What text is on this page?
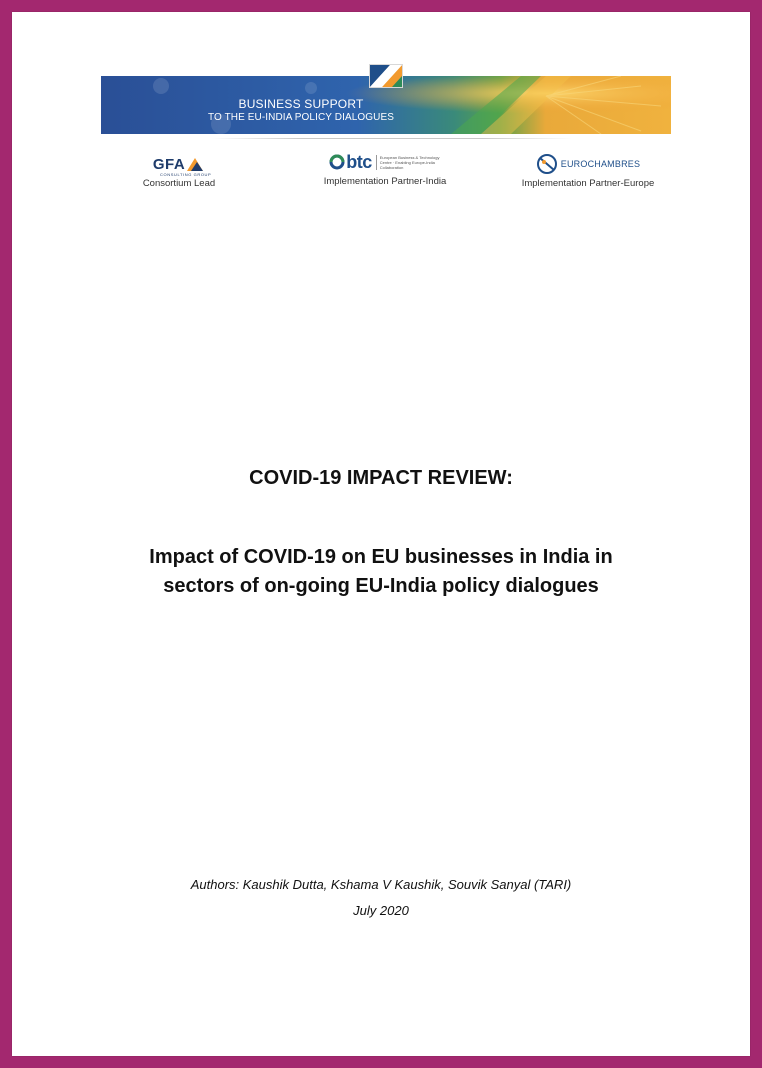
BUSINESS SUPPORT
TO THE EU-INDIA POLICY DIALOGUES
GFA
CONSULTING GROUP
Consortium Lead
btc	European Business & Technology Centre · Enabling Europe-India Collaboration
Implementation Partner-India
EUROCHAMBRES
Implementation Partner-Europe
COVID-19 IMPACT REVIEW:
Impact of COVID-19 on EU businesses in India in
sectors of on-going EU-India policy dialogues
Authors: Kaushik Dutta, Kshama V Kaushik, Souvik Sanyal (TARI)
July 2020
